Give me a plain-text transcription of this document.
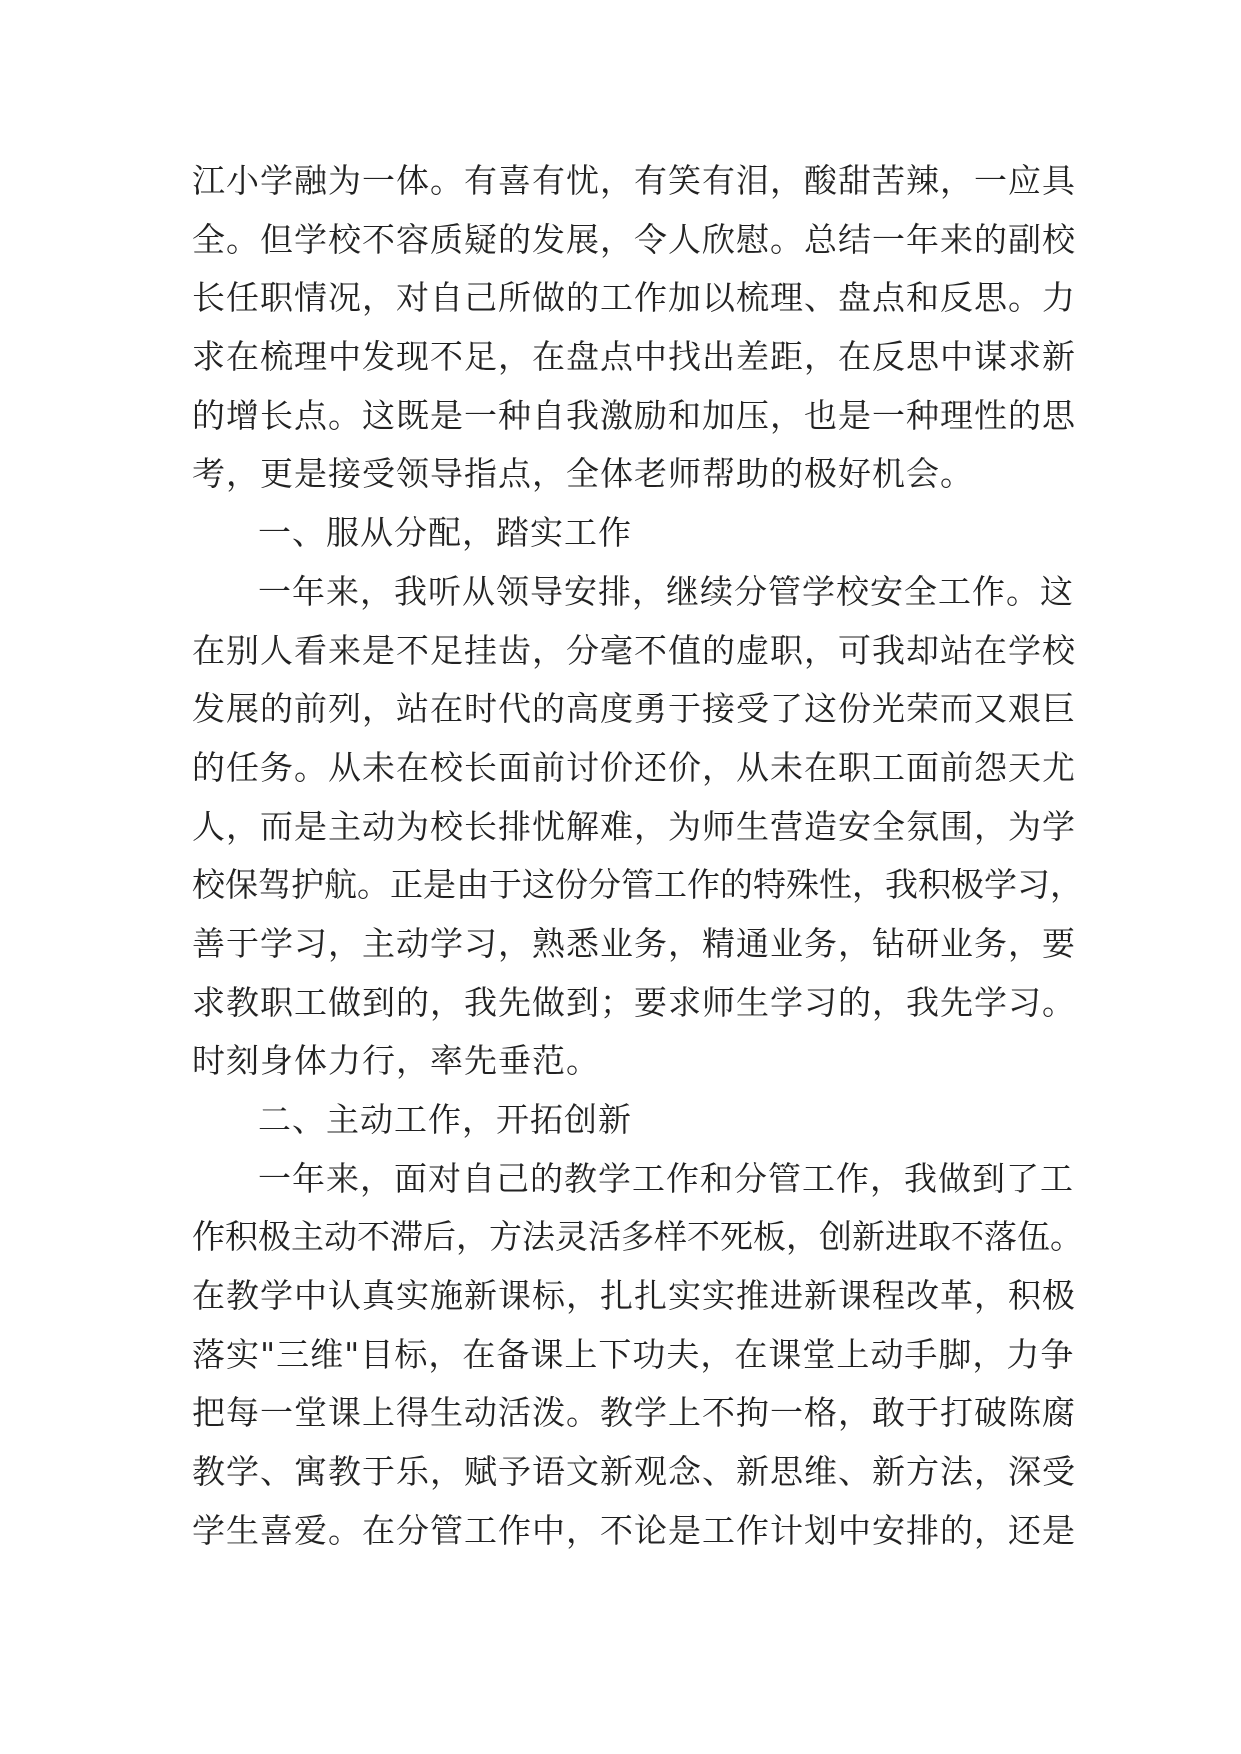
江小学融为一体。有喜有忧，有笑有泪，酸甜苦辣，一应具
全。但学校不容质疑的发展，令人欣慰。总结一年来的副校
长任职情况，对自己所做的工作加以梳理、盘点和反思。力
求在梳理中发现不足，在盘点中找出差距，在反思中谋求新
的增长点。这既是一种自我激励和加压，也是一种理性的思
考，更是接受领导指点，全体老师帮助的极好机会。
一、服从分配，踏实工作
一年来，我听从领导安排，继续分管学校安全工作。这
在别人看来是不足挂齿，分毫不值的虚职，可我却站在学校
发展的前列，站在时代的高度勇于接受了这份光荣而又艰巨
的任务。从未在校长面前讨价还价，从未在职工面前怨天尤
人，而是主动为校长排忧解难，为师生营造安全氛围，为学
校保驾护航。正是由于这份分管工作的特殊性，我积极学习，
善于学习，主动学习，熟悉业务，精通业务，钻研业务，要
求教职工做到的，我先做到；要求师生学习的，我先学习。
时刻身体力行，率先垂范。
二、主动工作，开拓创新
一年来，面对自己的教学工作和分管工作，我做到了工
作积极主动不滞后，方法灵活多样不死板，创新进取不落伍。
在教学中认真实施新课标，扎扎实实推进新课程改革，积极
落实"三维"目标，在备课上下功夫，在课堂上动手脚，力争
把每一堂课上得生动活泼。教学上不拘一格，敢于打破陈腐
教学、寓教于乐，赋予语文新观念、新思维、新方法，深受
学生喜爱。在分管工作中，不论是工作计划中安排的，还是
